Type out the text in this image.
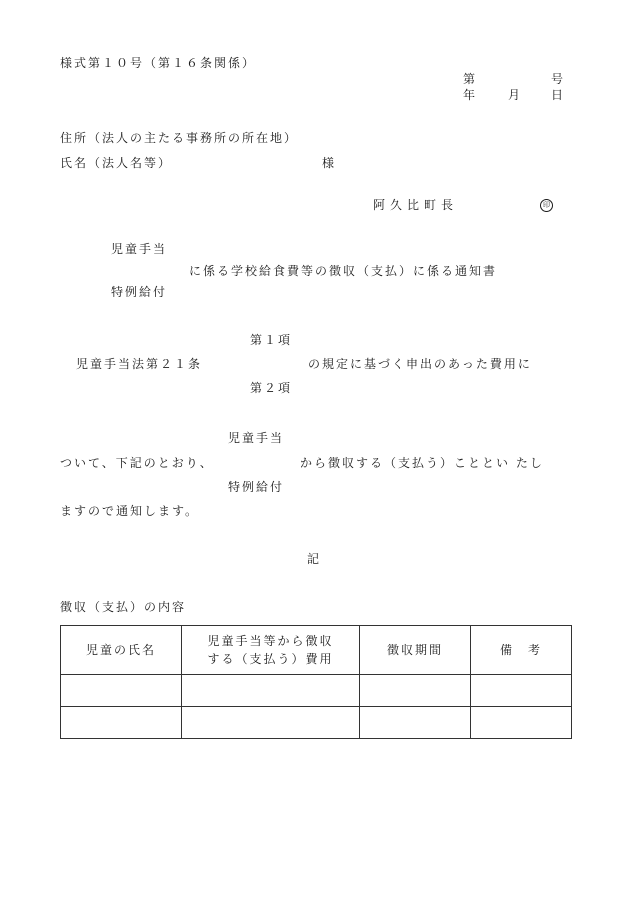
様式第１０号（第１６条関係）
第	号
年	月 日
住所（法人の主たる事務所の所在地）
氏名（法人名等）	様
阿久比町長	印
児童手当
に係る学校給食費等の徴収（支払）に係る通知書
特例給付
第１項
児童手当法第２１条	の規定に基づく申出のあった費用に
第２項
児童手当
ついて、下記のとおり、	から徴収する（支払う）こととい たし
特例給付
ますので通知します。
記
徴収（支払）の内容
児童の氏名	児童手当等から徴収する（支払う）費用	徴収期間	備　考
